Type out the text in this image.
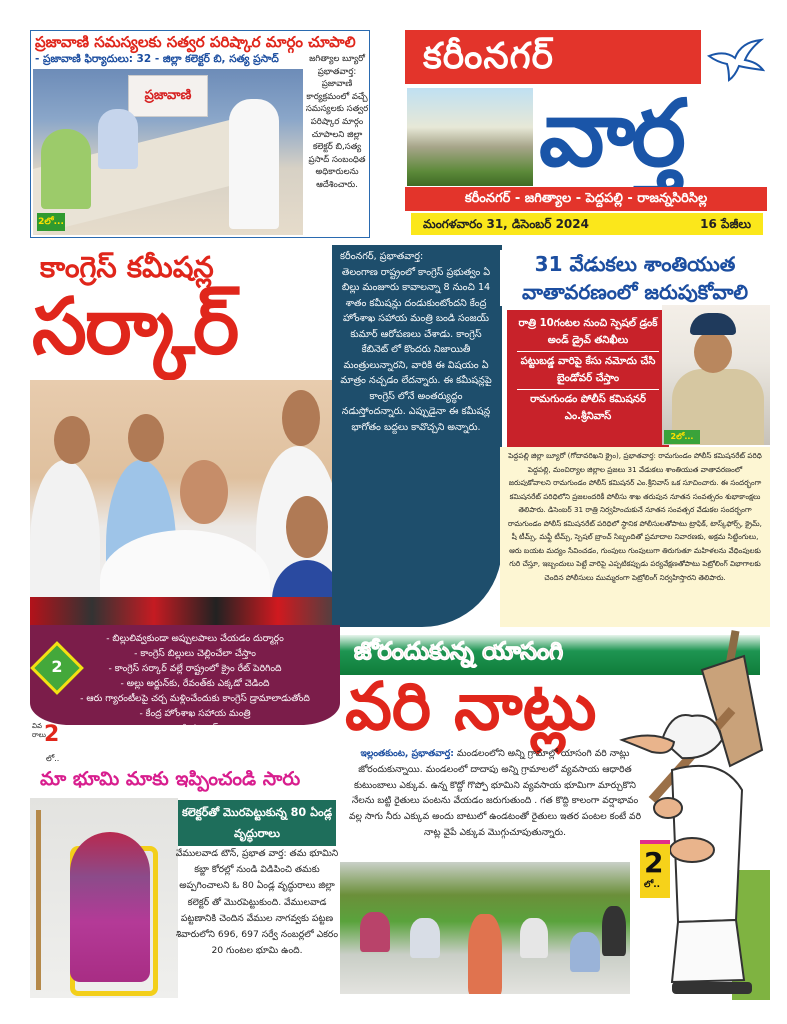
ప్రజావాణి సమస్యలకు సత్వర పరిష్కార మార్గం చూపాలి
- ప్రజావాణి ఫిర్యాదులు: 32 - జిల్లా కలెక్టర్ బి, సత్య ప్రసాద్
ప్రజావాణి
2లో...
జగిత్యాల బ్యూరో ప్రభాతవార్త: ప్రజావాణి కార్యక్రమంలో వచ్చే సమస్యలకు సత్వర పరిష్కార మార్గం చూపాలని జిల్లా కలెక్టర్ బి,సత్య ప్రసాద్ సంబంధిత అధికారులను ఆదేశించారు.
కరీంనగర్
వార్త
కరీంనగర్ - జగిత్యాల - పెద్దపల్లి - రాజన్నసిరిసిల్ల
మంగళవారం 31, డిసెంబర్ 2024	16 పేజీలు
కాంగ్రెస్ కమీషన్ల
సర్కార్
కరీంనగర్, ప్రభాతవార్త:
తెలంగాణ రాష్ట్రంలో కాంగ్రెస్ ప్రభుత్వం ఏ బిల్లు మంజూరు కావాలన్నా 8 నుంచి 14 శాతం కమీషన్లు దండుకుంటోందని కేంద్ర హోంశాఖ సహాయ మంత్రి బండి సంజయ్ కుమార్ ఆరోపణలు చేశాడు. కాంగ్రెస్ కేబినెట్ లో కొందరు నిజాయితీ మంత్రులున్నారని, వారికి ఈ విషయం ఏ మాత్రం నచ్చడం లేదన్నారు. ఈ కమీషన్లపై కాంగ్రెస్ లోనే అంతర్యుద్ధం నడుస్తోందన్నారు. ఎప్పుడైనా ఈ కమీషన్ల భాగోతం బద్దలు కావొచ్చని అన్నారు.
2
- బిల్లులివ్వకుండా అప్పులపాలు చేయడం దుర్మార్గం
- కాంగ్రెస్ బిల్లులు చెల్లించేలా చేస్తాం
- కాంగ్రెస్ సర్కార్ వల్లే రాష్ట్రంలో క్రైం రేట్ పెరిగింది
- అల్లు అర్జున్‌కు, రేవంత్‌కు ఎక్కడో చెడింది
- ఆరు గ్యారంటీలపై చర్చ మళ్లించేందుకు కాంగ్రెస్ డ్రామాలాడుతోంది
- కేంద్ర హోంశాఖ సహాయ మంత్రి
బండి సంజయ్
వివరాలు
2
లో..
31 వేడుకలు శాంతియుత వాతావరణంలో జరుపుకోవాలి
రాత్రి 10గంటల నుంచి స్పెషల్ డ్రంక్ అండ్ డ్రైవ్ తనిఖీలు
పట్టుబడ్డ వారిపై కేసు నమోదు చేసి బైండోవర్ చేస్తాం
రామగుండం పోలీస్ కమిషనర్ ఎం.శ్రీనివాస్
2లో...
పెద్దపల్లి జిల్లా బ్యూరో (గోదావరిఖని క్రైం), ప్రభాతవార్త: రామగుండం పోలీస్ కమిషనరేట్ పరిధి పెద్దపల్లి, మంచిర్యాల జిల్లాల ప్రజలు 31 వేడుకలు శాంతియుత వాతావరణంలో జరుపుకోవాలని రామగుండం పోలీస్ కమిషనర్ ఎం.శ్రీనివాస్ ఒక సూచించారు. ఈ సందర్భంగా కమిషనరేట్ పరిధిలోని ప్రజలందరికీ పోలీసు శాఖ తరుపున నూతన సంవత్సరం శుభాకాంక్షలు తెలిపారు. డిసెంబర్ 31 రాత్రి నిర్వహించుకునే నూతన సంవత్సర వేడుకల సందర్భంగా రామగుండం పోలీస్ కమిషనరేట్ పరిధిలో స్థానిక పోలీసులతోపాటు ట్రాఫిక్, టాస్క్‌ఫోర్స్, క్రైమ్, షీ టీమ్స్, మఫ్టీ టీమ్స్, స్పెషల్ బ్రాంచ్ సిబ్బందితో ప్రమాదాల నివారణకు, అక్రమ సిట్టింగులు, ఆరు బయట మద్యం సేవించడం, గుంపులు గుంపులుగా తిరుగుతూ మహిళలను వేధింపులకు గురి చేస్తూ, ఇబ్బందులు పెట్టే వారిపై ఎప్పటికప్పుడు పర్యవేక్షణతోపాటు పెట్రోలింగ్ విభాగాలకు చెందిన పోలీసులు ముమ్మరంగా పెట్రోలింగ్ నిర్వహిస్తారని తెలిపారు.
మా భూమి మాకు ఇప్పించండి సారు
కలెక్టర్‌తో మొరపెట్టుకున్న 80 ఏండ్ల వృద్ధురాలు
వేములవాడ టౌన్, ప్రభాత వార్త: తమ భూమిని కబ్జా కోరల్లో నుండి విడిపించి తమకు అప్పగించాలని ఓ 80 ఏండ్ల వృద్ధురాలు జిల్లా కలెక్టర్ తో మొరపెట్టుకుంది. వేములవాడ పట్టణానికి చెందిన వేముల నాగవ్వకు పట్టణ శివారులోని 696, 697 సర్వే నంబర్లలో ఎకరం 20 గుంటల భూమి ఉంది.
జోరందుకున్న యాసంగి
వరి నాట్లు
ఇల్లంతకుంట, ప్రభాతవార్త: మండలంలోని అన్ని గ్రామాల్లో యాసంగి వరి నాట్లు జోరందుకున్నాయి. మండలంలో దాదాపు అన్ని గ్రామాలలో వ్యవసాయ ఆధారిత కుటుంబాలు ఎక్కువ. ఉన్న కొద్దో గొప్పో భూమిని వ్యవసాయ భూమిగా మార్చుకొని నేలను బట్టి రైతులు పంటను వేయడం జరుగుతుంది . గత కొద్ది కాలంగా వర్షాభావం వల్ల సాగు నీరు ఎక్కువ అందు బాటులో ఉండటంతో రైతులు ఇతర పంటల కంటే వరి నాట్ల వైపే ఎక్కువ మొగ్గుచూపుతున్నారు.
2
లో..
